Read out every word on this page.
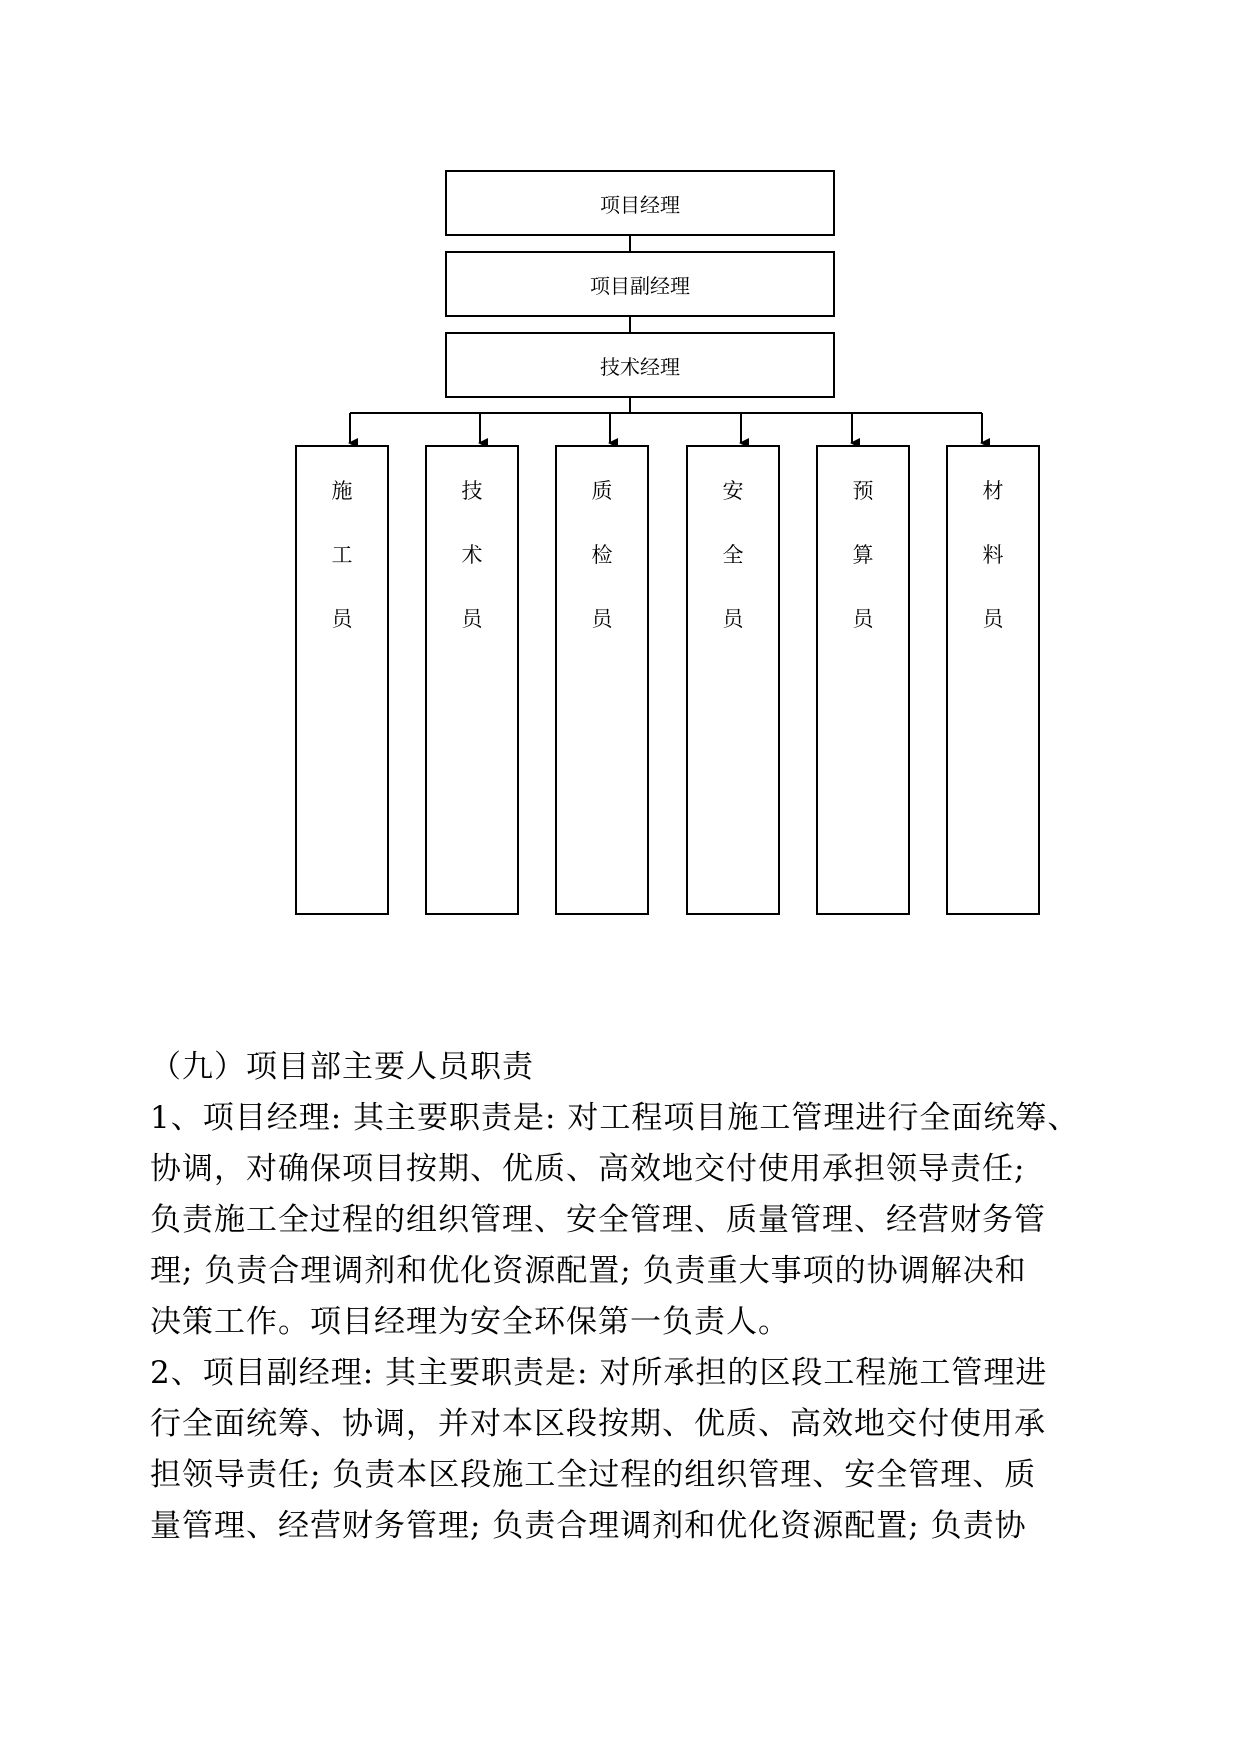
项目经理
项目副经理
技术经理
施
工
员
技
术
员
质
检
员
安
全
员
预
算
员
材
料
员

（九）项目部主要人员职责

1、项目经理: 其主要职责是: 对工程项目施工管理进行全面统筹、

协调，对确保项目按期、优质、高效地交付使用承担领导责任;

负责施工全过程的组织管理、安全管理、质量管理、经营财务管

理; 负责合理调剂和优化资源配置; 负责重大事项的协调解决和

决策工作。项目经理为安全环保第一负责人。

2、项目副经理: 其主要职责是: 对所承担的区段工程施工管理进

行全面统筹、协调，并对本区段按期、优质、高效地交付使用承

担领导责任; 负责本区段施工全过程的组织管理、安全管理、质

量管理、经营财务管理; 负责合理调剂和优化资源配置; 负责协
